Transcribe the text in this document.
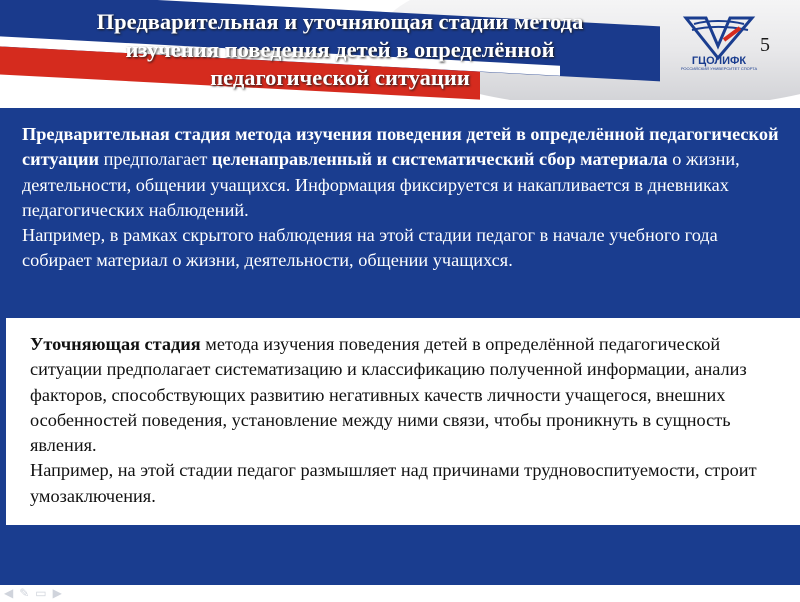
Предварительная и уточняющая стадии метода
изучения поведения детей в определённой
педагогической ситуации
ГЦОЛИФК
РОССИЙСКИЙ УНИВЕРСИТЕТ СПОРТА
5

Предварительная стадия метода изучения поведения детей в определённой педагогической ситуации предполагает целенаправленный и систематический сбор материала о жизни, деятельности, общении учащихся. Информация фиксируется и накапливается в дневниках педагогических наблюдений.

Например, в рамках скрытого наблюдения на этой стадии педагог в начале учебного года собирает материал о жизни, деятельности, общении учащихся.

Уточняющая стадия метода изучения поведения детей в определённой педагогической ситуации предполагает систематизацию и классификацию полученной информации, анализ факторов, способствующих развитию негативных качеств личности учащегося, внешних особенностей поведения, установление между ними связи, чтобы проникнуть в сущность явления.

Например, на этой стадии педагог размышляет над причинами трудновоспитуемости, строит умозаключения.

◀ ✎ ▭ ▶
